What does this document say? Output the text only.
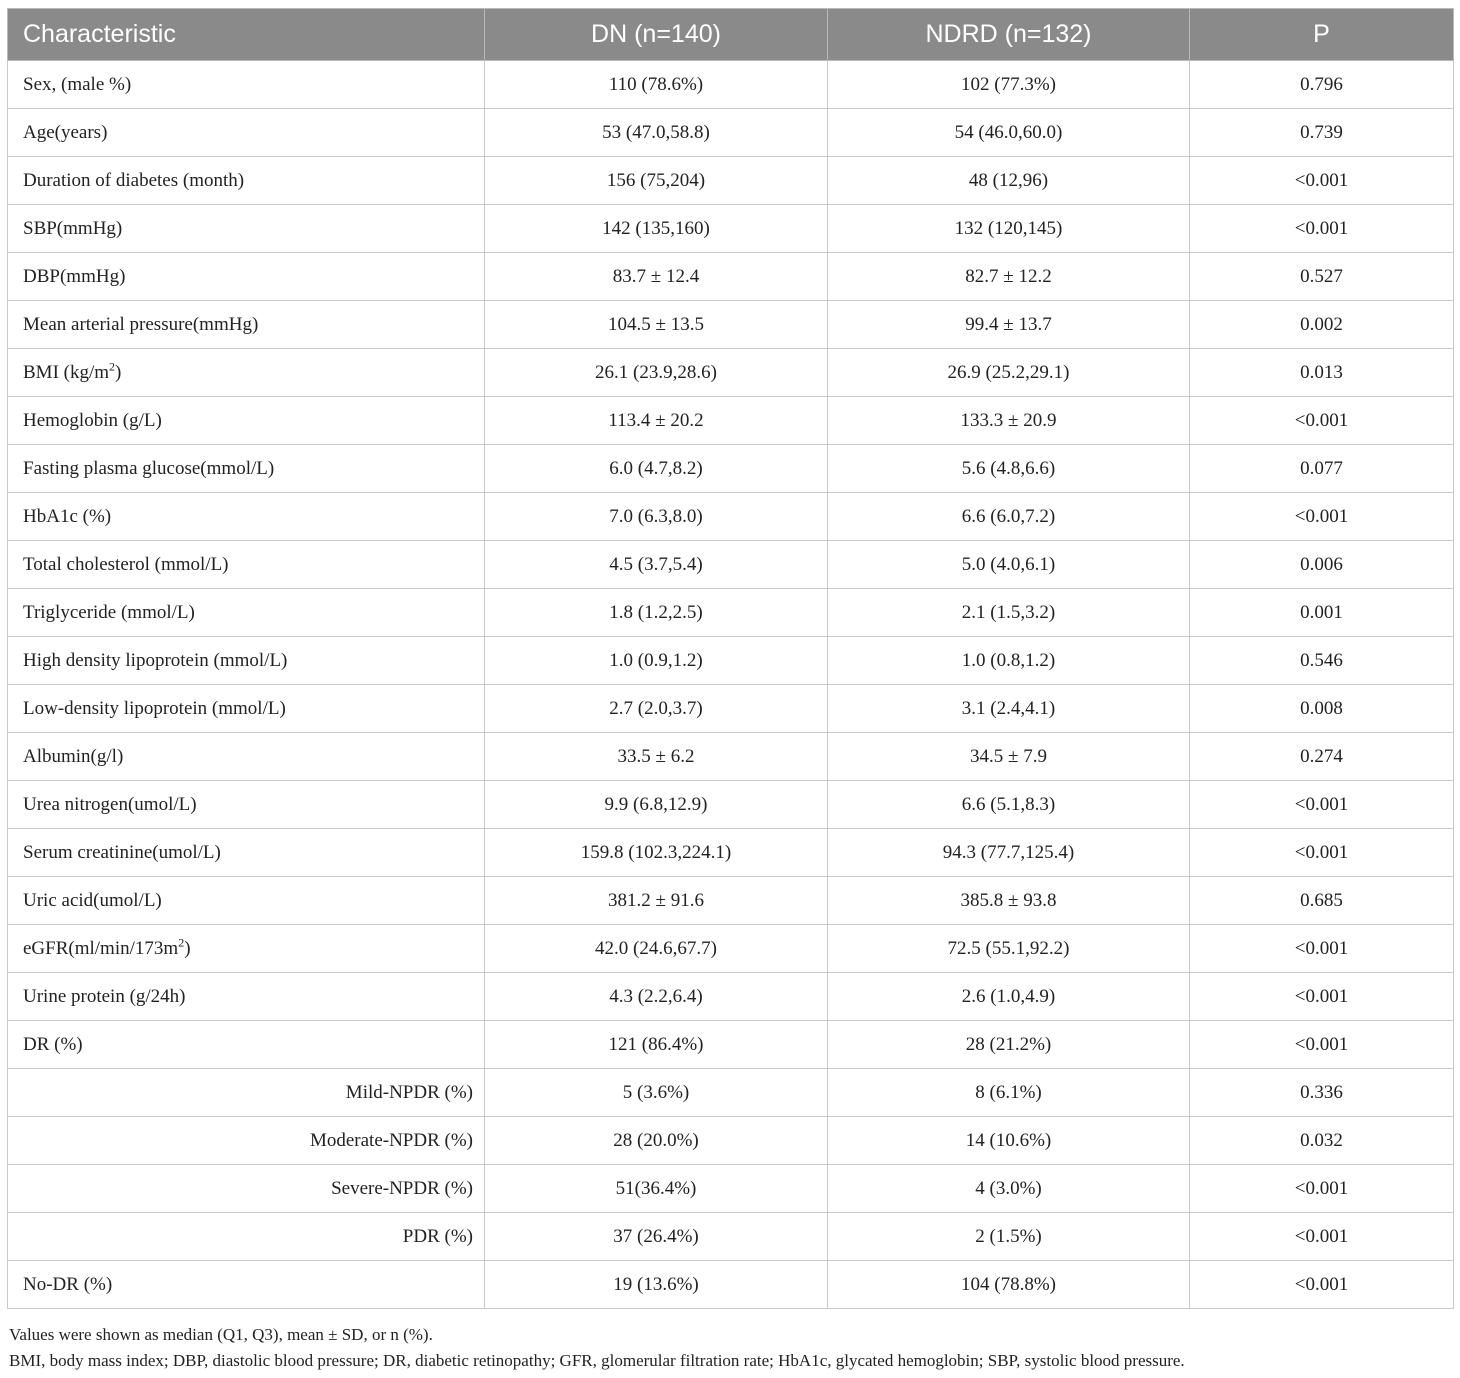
Characteristic	DN (n=140)	NDRD (n=132)	P
Sex, (male %)	110 (78.6%)	102 (77.3%)	0.796
Age(years)	53 (47.0,58.8)	54 (46.0,60.0)	0.739
Duration of diabetes (month)	156 (75,204)	48 (12,96)	<0.001
SBP(mmHg)	142 (135,160)	132 (120,145)	<0.001
DBP(mmHg)	83.7 ± 12.4	82.7 ± 12.2	0.527
Mean arterial pressure(mmHg)	104.5 ± 13.5	99.4 ± 13.7	0.002
BMI $(kg/m^2)$	26.1 (23.9,28.6)	26.9 (25.2,29.1)	0.013
Hemoglobin (g/L)	113.4 ± 20.2	133.3 ± 20.9	<0.001
Fasting plasma glucose(mmol/L)	6.0 (4.7,8.2)	5.6 (4.8,6.6)	0.077
HbA1c (%)	7.0 (6.3,8.0)	6.6 (6.0,7.2)	<0.001
Total cholesterol (mmol/L)	4.5 (3.7,5.4)	5.0 (4.0,6.1)	0.006
Triglyceride (mmol/L)	1.8 (1.2,2.5)	2.1 (1.5,3.2)	0.001
High density lipoprotein (mmol/L)	1.0 (0.9,1.2)	1.0 (0.8,1.2)	0.546
Low-density lipoprotein (mmol/L)	2.7 (2.0,3.7)	3.1 (2.4,4.1)	0.008
Albumin(g/l)	33.5 ± 6.2	34.5 ± 7.9	0.274
Urea nitrogen(umol/L)	9.9 (6.8,12.9)	6.6 (5.1,8.3)	<0.001
Serum creatinine(umol/L)	159.8 (102.3,224.1)	94.3 (77.7,125.4)	<0.001
Uric acid(umol/L)	381.2 ± 91.6	385.8 ± 93.8	0.685
$eGFR(ml/\min/173m^2)$	42.0 (24.6,67.7)	72.5 (55.1,92.2)	<0.001
Urine protein (g/24h)	4.3 (2.2,6.4)	2.6 (1.0,4.9)	<0.001
DR (%)	121 (86.4%)	28 (21.2%)	<0.001
Mild-NPDR (%)	5 (3.6%)	8 (6.1%)	0.336
Moderate-NPDR (%)	28 (20.0%)	14 (10.6%)	0.032
Severe-NPDR (%)	51(36.4%)	4 (3.0%)	<0.001
PDR (%)	37 (26.4%)	2 (1.5%)	<0.001
No-DR (%)	19 (13.6%)	104 (78.8%)	<0.001

Values were shown as median (Q1, Q3), mean ± SD, or n (%).

BMI, body mass index; DBP, diastolic blood pressure; DR, diabetic retinopathy; GFR, glomerular filtration rate; HbA1c, glycated hemoglobin; SBP, systolic blood pressure.
